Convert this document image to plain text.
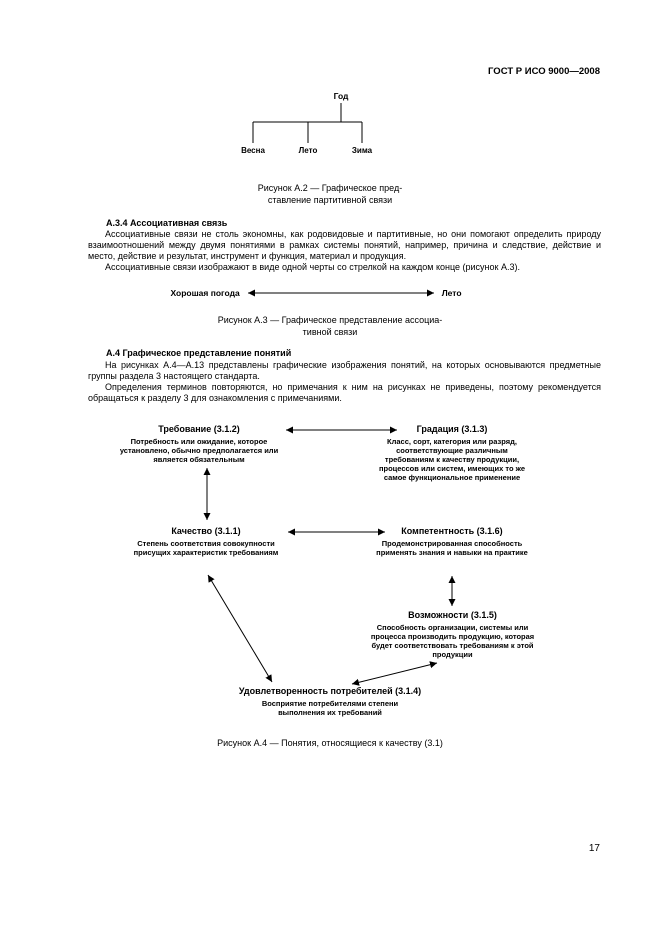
ГОСТ Р ИСО 9000—2008
Год
Весна	Лето	Зима
Рисунок А.2 — Графическое пред-
ставление партитивной связи
А.3.4 Ассоциативная связь

Ассоциативные связи не столь экономны, как родовидовые и партитивные, но они помогают определить природу взаимоотношений между двумя понятиями в рамках системы понятий, например, причина и следствие, действие и место, действие и результат, инструмент и функция, материал и продукция.

Ассоциативные связи изображают в виде одной черты со стрелкой на каждом конце (рисунок А.3).

Хорошая погода	Лето
Рисунок А.3 — Графическое представление ассоциа-
тивной связи
А.4 Графическое представление понятий

На рисунках А.4—А.13 представлены графические изображения понятий, на которых основываются предметные группы раздела 3 настоящего стандарта.

Определения терминов повторяются, но примечания к ним на рисунках не приведены, поэтому рекомендуется обращаться к разделу 3 для ознакомления с примечаниями.

Требование (3.1.2)
Потребность или ожидание, которое установлено, обычно предполагается или является обязательным
Градация (3.1.3)
Класс, сорт, категория или разряд, соответствующие различным требованиям к качеству продукции, процессов или систем, имеющих то же самое функциональное применение
Качество (3.1.1)
Степень соответствия совокупности присущих характеристик требованиям
Компетентность (3.1.6)
Продемонстрированная способность применять знания и навыки на практике
Возможности (3.1.5)
Способность организации, системы или процесса производить продукцию, которая будет соответствовать требованиям к этой продукции
Удовлетворенность потребителей (3.1.4)
Восприятие потребителями степени выполнения их требований
Рисунок А.4 — Понятия, относящиеся к качеству (3.1)
17
